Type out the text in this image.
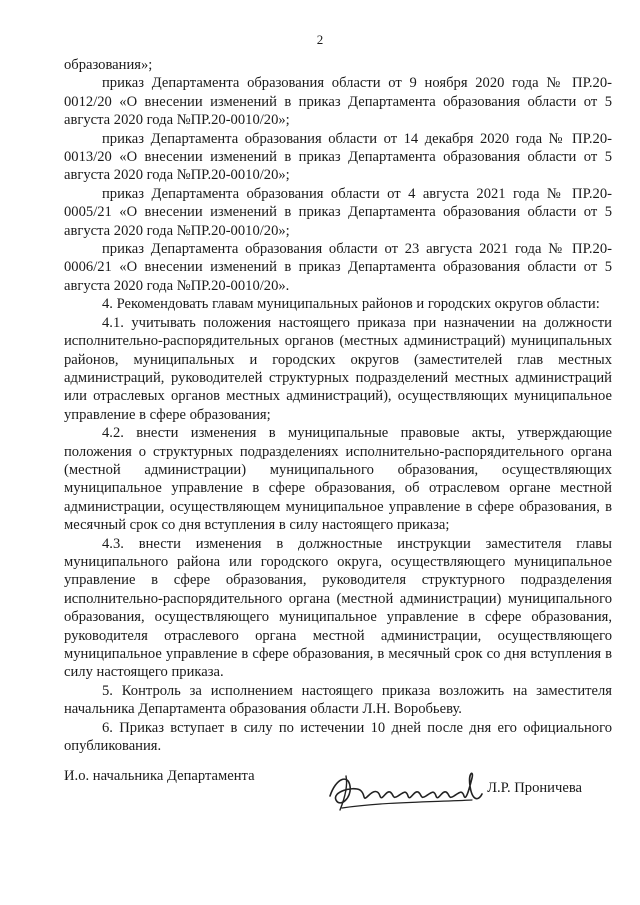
2

образования»;

приказ Департамента образования области от 9 ноября 2020 года № ПР.20-0012/20 «О внесении изменений в приказ Департамента образования области от 5 августа 2020 года №ПР.20-0010/20»;

приказ Департамента образования области от 14 декабря 2020 года № ПР.20-0013/20 «О внесении изменений в приказ Департамента образования области от 5 августа 2020 года №ПР.20-0010/20»;

приказ Департамента образования области от 4 августа 2021 года № ПР.20-0005/21 «О внесении изменений в приказ Департамента образования области от 5 августа 2020 года №ПР.20-0010/20»;

приказ Департамента образования области от 23 августа 2021 года № ПР.20-0006/21 «О внесении изменений в приказ Департамента образования области от 5 августа 2020 года №ПР.20-0010/20».

4. Рекомендовать главам муниципальных районов и городских округов области:

4.1. учитывать положения настоящего приказа при назначении на должности исполнительно-распорядительных органов (местных администраций) муниципальных районов, муниципальных и городских округов (заместителей глав местных администраций, руководителей структурных подразделений местных администраций или отраслевых органов местных администраций), осуществляющих муниципальное управление в сфере образования;

4.2. внести изменения в муниципальные правовые акты, утверждающие положения о структурных подразделениях исполнительно-распорядительного органа (местной администрации) муниципального образования, осуществляющих муниципальное управление в сфере образования, об отраслевом органе местной администрации, осуществляющем муниципальное управление в сфере образования, в месячный срок со дня вступления в силу настоящего приказа;

4.3. внести изменения в должностные инструкции заместителя главы муниципального района или городского округа, осуществляющего муниципальное управление в сфере образования, руководителя структурного подразделения исполнительно-распорядительного органа (местной администрации) муниципального образования, осуществляющего муниципальное управление в сфере образования, руководителя отраслевого органа местной администрации, осуществляющего муниципальное управление в сфере образования, в месячный срок со дня вступления в силу настоящего приказа.

5. Контроль за исполнением настоящего приказа возложить на заместителя начальника Департамента образования области Л.Н. Воробьеву.

6. Приказ вступает в силу по истечении 10 дней после дня его официального опубликования.

И.о. начальника Департамента
Л.Р. Проничева
